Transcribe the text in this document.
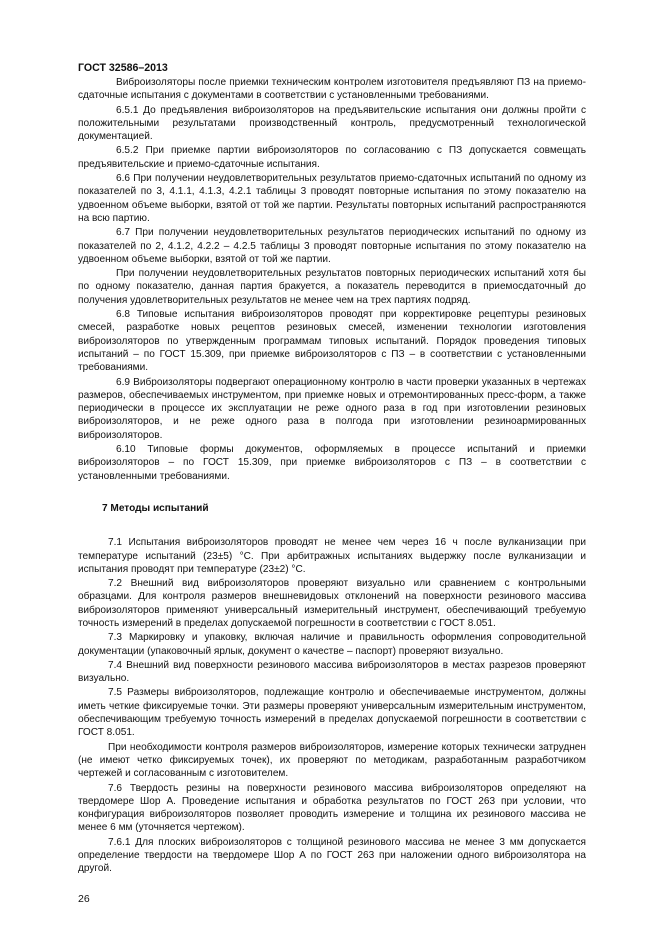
ГОСТ 32586–2013
Виброизоляторы после приемки техническим контролем изготовителя предъявляют ПЗ на приемо-сдаточные испытания с документами в соответствии с установленными требованиями.
6.5.1 До предъявления виброизоляторов на предъявительские испытания они должны пройти с положительными результатами производственный контроль, предусмотренный технологической документацией.
6.5.2 При приемке партии виброизоляторов по согласованию с ПЗ допускается совмещать предъявительские и приемо-сдаточные испытания.
6.6 При получении неудовлетворительных результатов приемо-сдаточных испытаний по одному из показателей по 3, 4.1.1, 4.1.3, 4.2.1 таблицы 3 проводят повторные испытания по этому показателю на удвоенном объеме выборки, взятой от той же партии. Результаты повторных испытаний распространяются на всю партию.
6.7 При получении неудовлетворительных результатов периодических испытаний по одному из показателей по 2, 4.1.2, 4.2.2 – 4.2.5 таблицы 3 проводят повторные испытания по этому показателю на удвоенном объеме выборки, взятой от той же партии.
При получении неудовлетворительных результатов повторных периодических испытаний хотя бы по одному показателю, данная партия бракуется, а показатель переводится в приемосдаточный до получения удовлетворительных результатов не менее чем на трех партиях подряд.
6.8 Типовые испытания виброизоляторов проводят при корректировке рецептуры резиновых смесей, разработке новых рецептов резиновых смесей, изменении технологии изготовления виброизоляторов по утвержденным программам типовых испытаний. Порядок проведения типовых испытаний – по ГОСТ 15.309, при приемке виброизоляторов с ПЗ – в соответствии с установленными требованиями.
6.9 Виброизоляторы подвергают операционному контролю в части проверки указанных в чертежах размеров, обеспечиваемых инструментом, при приемке новых и отремонтированных пресс-форм, а также периодически в процессе их эксплуатации не реже одного раза в год при изготовлении резиновых виброизоляторов, и не реже одного раза в полгода при изготовлении резиноармированных виброизоляторов.
6.10 Типовые формы документов, оформляемых в процессе испытаний и приемки виброизоляторов – по ГОСТ 15.309, при приемке виброизоляторов с ПЗ – в соответствии с установленными требованиями.
7 Методы испытаний
7.1 Испытания виброизоляторов проводят не менее чем через 16 ч после вулканизации при температуре испытаний (23±5) °С. При арбитражных испытаниях выдержку после вулканизации и испытания проводят при температуре (23±2) °С.
7.2 Внешний вид виброизоляторов проверяют визуально или сравнением с контрольными образцами. Для контроля размеров внешневидовых отклонений на поверхности резинового массива виброизоляторов применяют универсальный измерительный инструмент, обеспечивающий требуемую точность измерений в пределах допускаемой погрешности в соответствии с ГОСТ 8.051.
7.3 Маркировку и упаковку, включая наличие и правильность оформления сопроводительной документации (упаковочный ярлык, документ о качестве – паспорт) проверяют визуально.
7.4 Внешний вид поверхности резинового массива виброизоляторов в местах разрезов проверяют визуально.
7.5 Размеры виброизоляторов, подлежащие контролю и обеспечиваемые инструментом, должны иметь четкие фиксируемые точки. Эти размеры проверяют универсальным измерительным инструментом, обеспечивающим требуемую точность измерений в пределах допускаемой погрешности в соответствии с ГОСТ 8.051.
При необходимости контроля размеров виброизоляторов, измерение которых технически затруднен (не имеют четко фиксируемых точек), их проверяют по методикам, разработанным разработчиком чертежей и согласованным с изготовителем.
7.6 Твердость резины на поверхности резинового массива виброизоляторов определяют на твердомере Шор А. Проведение испытания и обработка результатов по ГОСТ 263 при условии, что конфигурация виброизоляторов позволяет проводить измерение и толщина их резинового массива не менее 6 мм (уточняется чертежом).
7.6.1 Для плоских виброизоляторов с толщиной резинового массива не менее 3 мм допускается определение твердости на твердомере Шор А по ГОСТ 263 при наложении одного виброизолятора на другой.
26
